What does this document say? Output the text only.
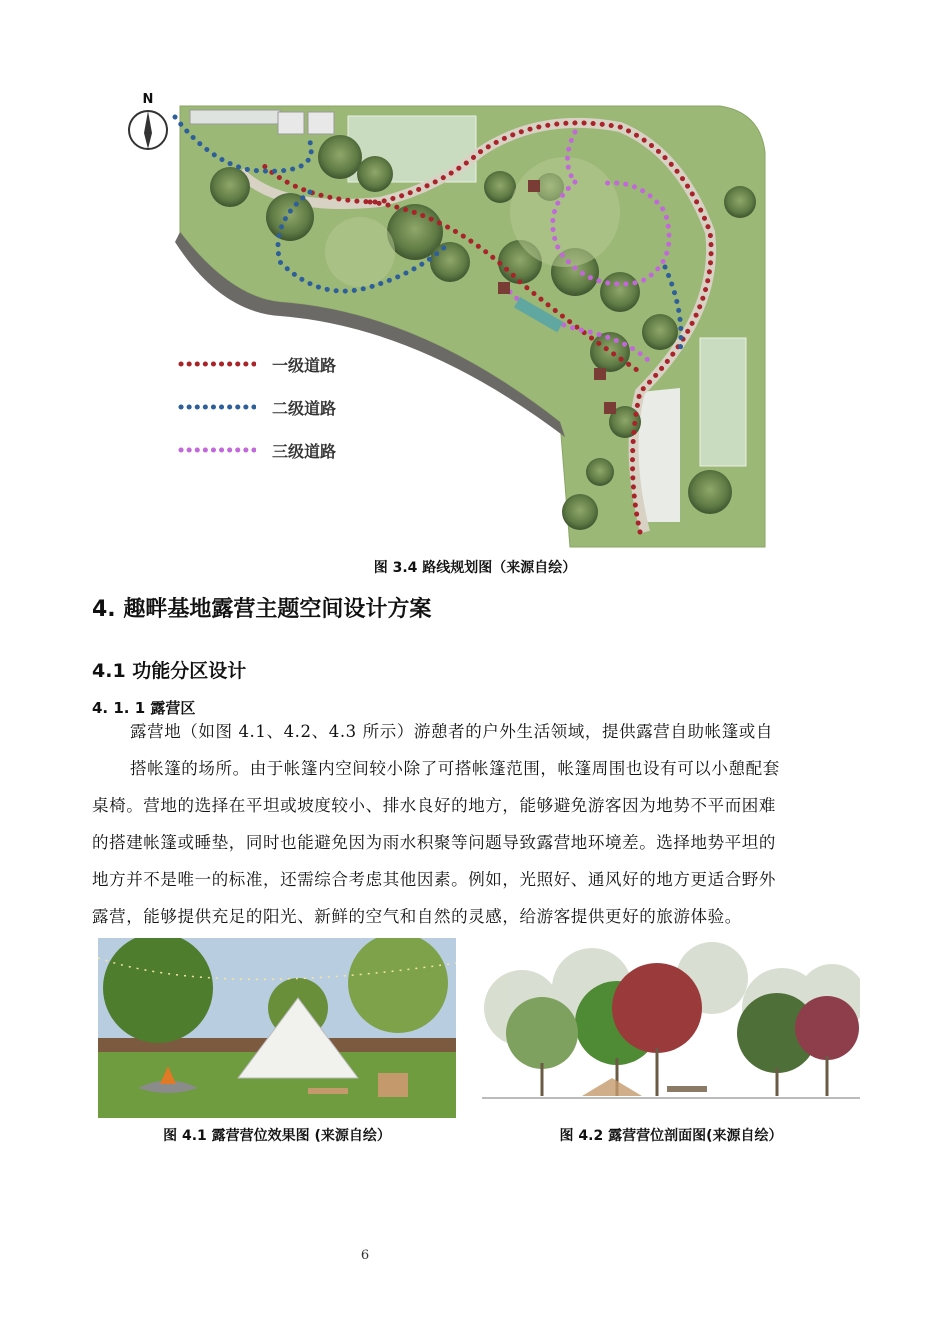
N
一级道路
二级道路
三级道路
图 3.4 路线规划图（来源自绘）
4. 趣畔基地露营主题空间设计方案
4.1 功能分区设计
4. 1. 1 露营区
露营地（如图 4.1、4.2、4.3 所示）游憩者的户外生活领域，提供露营自助帐篷或自
搭帐篷的场所。由于帐篷内空间较小除了可搭帐篷范围，帐篷周围也设有可以小憩配套
桌椅。营地的选择在平坦或坡度较小、排水良好的地方，能够避免游客因为地势不平而困难
的搭建帐篷或睡垫，同时也能避免因为雨水积聚等问题导致露营地环境差。选择地势平坦的
地方并不是唯一的标准，还需综合考虑其他因素。例如，光照好、通风好的地方更适合野外
露营，能够提供充足的阳光、新鲜的空气和自然的灵感，给游客提供更好的旅游体验。
图 4.1 露营营位效果图 (来源自绘）	图 4.2 露营营位剖面图(来源自绘）
6
